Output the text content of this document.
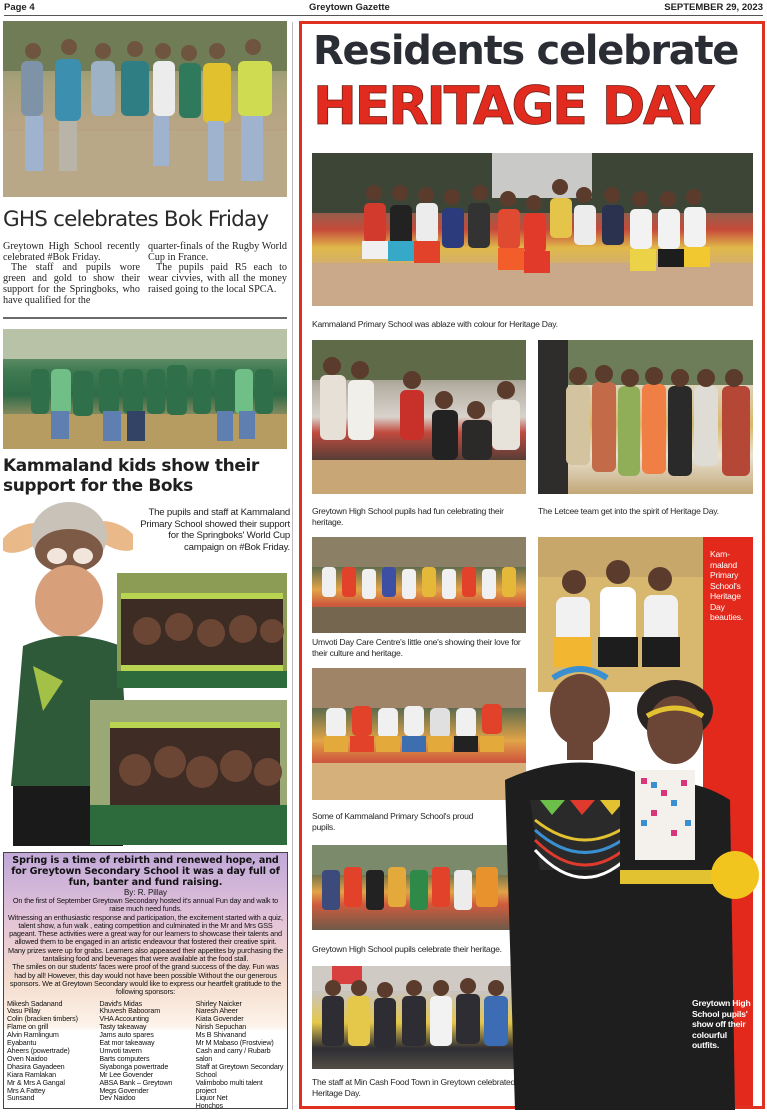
Page 4	Greytown Gazette	SEPTEMBER 29, 2023
GHS celebrates Bok Friday

Greytown High School recently celebrated #Bok Friday.

The staff and pupils wore green and gold to show their support for the Springboks, who have qualified for the

quarter-finals of the Rugby World Cup in France.

The pupils paid R5 each to wear civvies, with all the money raised going to the local SPCA.

Kammaland kids show their support for the Boks
The pupils and staff at Kammaland Primary School showed their support for the Springboks' World Cup campaign on #Bok Friday.
Spring is a time of rebirth and renewed hope, and for Greytown Secondary School it was a day full of fun, banter and fund raising.
By: R. Pillay
On the first of September Greytown Secondary hosted it's annual Fun day and walk to raise much need funds.
Witnessing an enthusiastic response and participation, the excitement started with a quiz, talent show, a fun walk , eating competition and culminated in the Mr and Mrs GSS pageant. These activities were a great way for our learners to showcase their talents and allowed them to be engaged in an artistic endeavour that fostered their creative spirit. Many prizes were up for grabs. Learners also appeased their appetites by purchasing the tantalising food and beverages that were available at the food stall.
The smiles on our students' faces were proof of the grand success of the day. Fun was had by all! However, this day would not have been possible Without the our generous sponsors. We at Greytown Secondary would like to express our heartfelt gratitude to the following sponsors:
Mikesh Sadanand
Vasu Pillay
Colin (bracken timbers)
Flame on grill
Alvin Ramlingum
Eyabantu
Aheers (powertrade)
Oven Naidoo
Dhasira Gayadeen
Kiara Ramlakan
Mr & Mrs A Gangal
Mrs A Fattey
Sunsand
David's Midas
Khuvesh Babooram
VHA Accounting
Tasty takeaway
Jams auto spares
Eat mor takeaway
Umvoti tavern
Barts computers
Siyabonga powertrade
Mr Lee Govender
ABSA Bank – Greytown
Megs Govender
Dev Naidoo
Shirley Naicker
Naresh Aheer
Kiata Govender
Nirish Sepuchan
Ms B Shivanand
Mr M Mabaso (Frostview)
Cash and carry / Rubarb salon
Staff at Greytown Secondary School
Valimbobo multi talent project
Liquor Net
Honchos
Residents celebrate
HERITAGE DAY
Kammaland Primary School was ablaze with colour for Heritage Day.
Greytown High School pupils had fun celebrating their heritage.
The Letcee team get into the spirit of Heritage Day.
Umvoti Day Care Centre's little one's showing their love for their culture and heritage.
Kam-maland Primary School's Heritage Day beauties.
Some of Kammaland Primary School's proud pupils.
Greytown High School pupils celebrate their heritage.
The staff at Min Cash Food Town in Greytown celebrated Heritage Day.
Greytown High School pupils' show off their colourful outfits.
